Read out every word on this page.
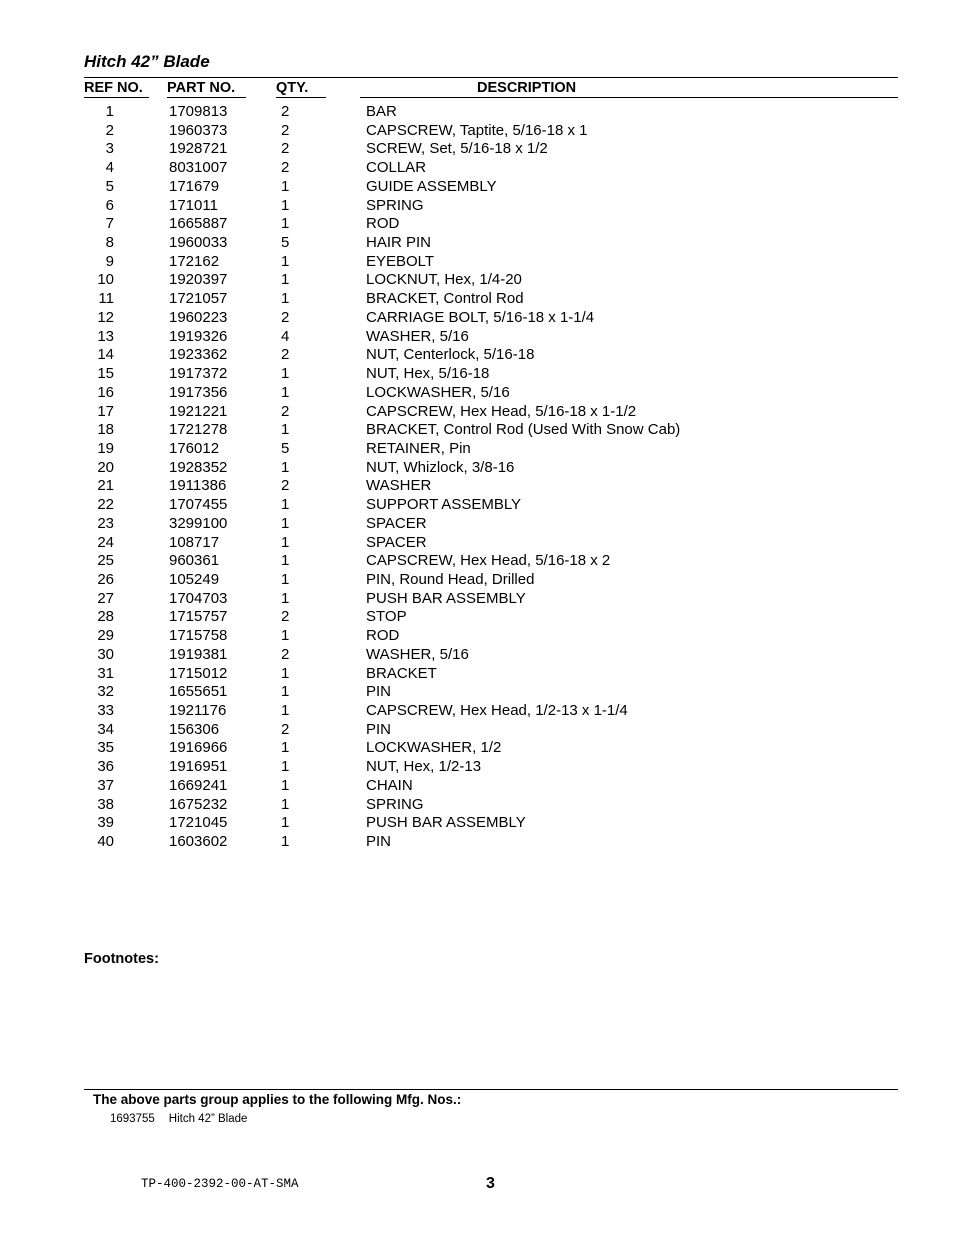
Hitch 42” Blade
REF NO. PART NO.	QTY.	DESCRIPTION
1	1709813	2	BAR
2	1960373	2	CAPSCREW, Taptite, 5/16-18 x 1
3	1928721	2	SCREW, Set, 5/16-18 x 1/2
4	8031007	2	COLLAR
5	171679	1	GUIDE ASSEMBLY
6	171011	1	SPRING
7	1665887	1	ROD
8	1960033	5	HAIR PIN
9	172162	1	EYEBOLT
10	1920397	1	LOCKNUT, Hex, 1/4-20
11	1721057	1	BRACKET, Control Rod
12	1960223	2	CARRIAGE BOLT, 5/16-18 x 1-1/4
13	1919326	4	WASHER, 5/16
14	1923362	2	NUT, Centerlock, 5/16-18
15	1917372	1	NUT, Hex, 5/16-18
16	1917356	1	LOCKWASHER, 5/16
17	1921221	2	CAPSCREW, Hex Head, 5/16-18 x 1-1/2
18	1721278	1	BRACKET, Control Rod (Used With Snow Cab)
19	176012	5	RETAINER, Pin
20	1928352	1	NUT, Whizlock, 3/8-16
21	1911386	2	WASHER
22	1707455	1	SUPPORT ASSEMBLY
23	3299100	1	SPACER
24	108717	1	SPACER
25	960361	1	CAPSCREW, Hex Head, 5/16-18 x 2
26	105249	1	PIN, Round Head, Drilled
27	1704703	1	PUSH BAR ASSEMBLY
28	1715757	2	STOP
29	1715758	1	ROD
30	1919381	2	WASHER, 5/16
31	1715012	1	BRACKET
32	1655651	1	PIN
33	1921176	1	CAPSCREW, Hex Head, 1/2-13 x 1-1/4
34	156306	2	PIN
35	1916966	1	LOCKWASHER, 1/2
36	1916951	1	NUT, Hex, 1/2-13
37	1669241	1	CHAIN
38	1675232	1	SPRING
39	1721045	1	PUSH BAR ASSEMBLY
40	1603602	1	PIN
Footnotes:
The above parts group applies to the following Mfg. Nos.:
1693755 Hitch 42” Blade
TP-400-2392-00-AT-SMA	3
